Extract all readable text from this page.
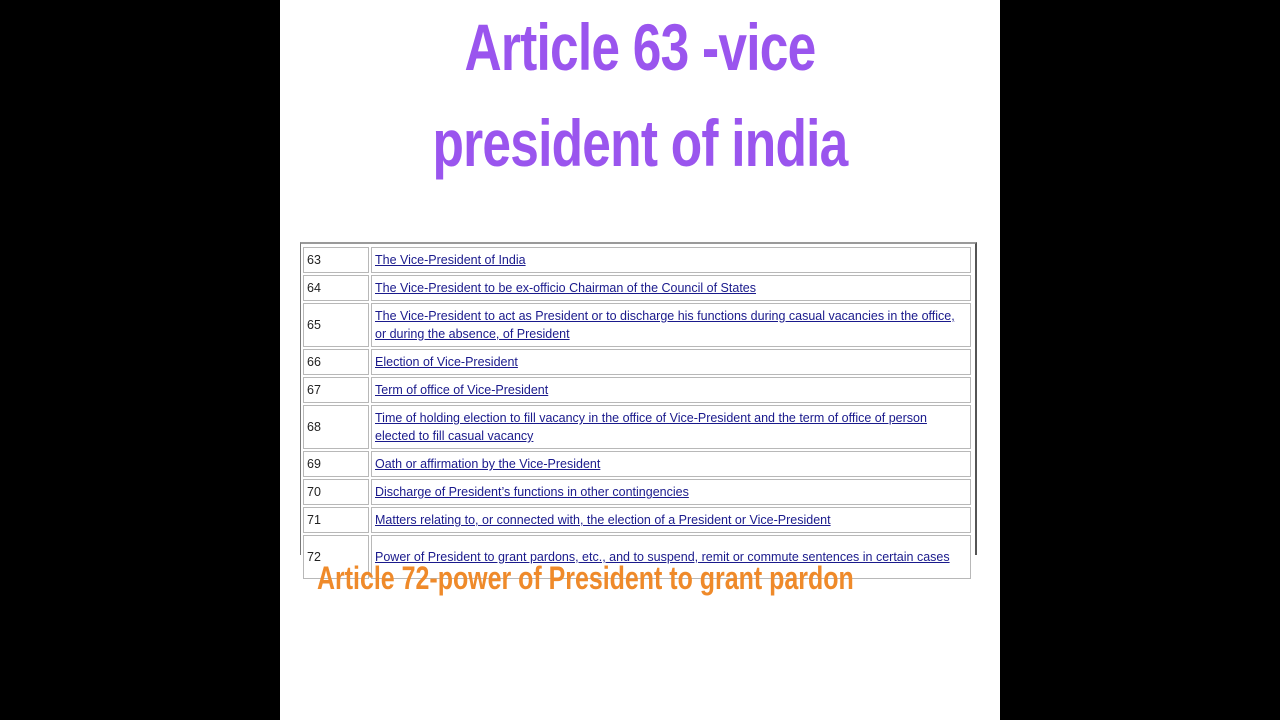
Article 63 -vice
president of india
63	The Vice-President of India
64	The Vice-President to be ex-officio Chairman of the Council of States
65	The Vice-President to act as President or to discharge his functions during casual vacancies in the office, or during the absence, of President
66	Election of Vice-President
67	Term of office of Vice-President
68	Time of holding election to fill vacancy in the office of Vice-President and the term of office of person elected to fill casual vacancy
69	Oath or affirmation by the Vice-President
70	Discharge of President’s functions in other contingencies
71	Matters relating to, or connected with, the election of a President or Vice-President
72	Power of President to grant pardons, etc., and to suspend, remit or commute sentences in certain cases

Article 72-power of President to grant pardon
